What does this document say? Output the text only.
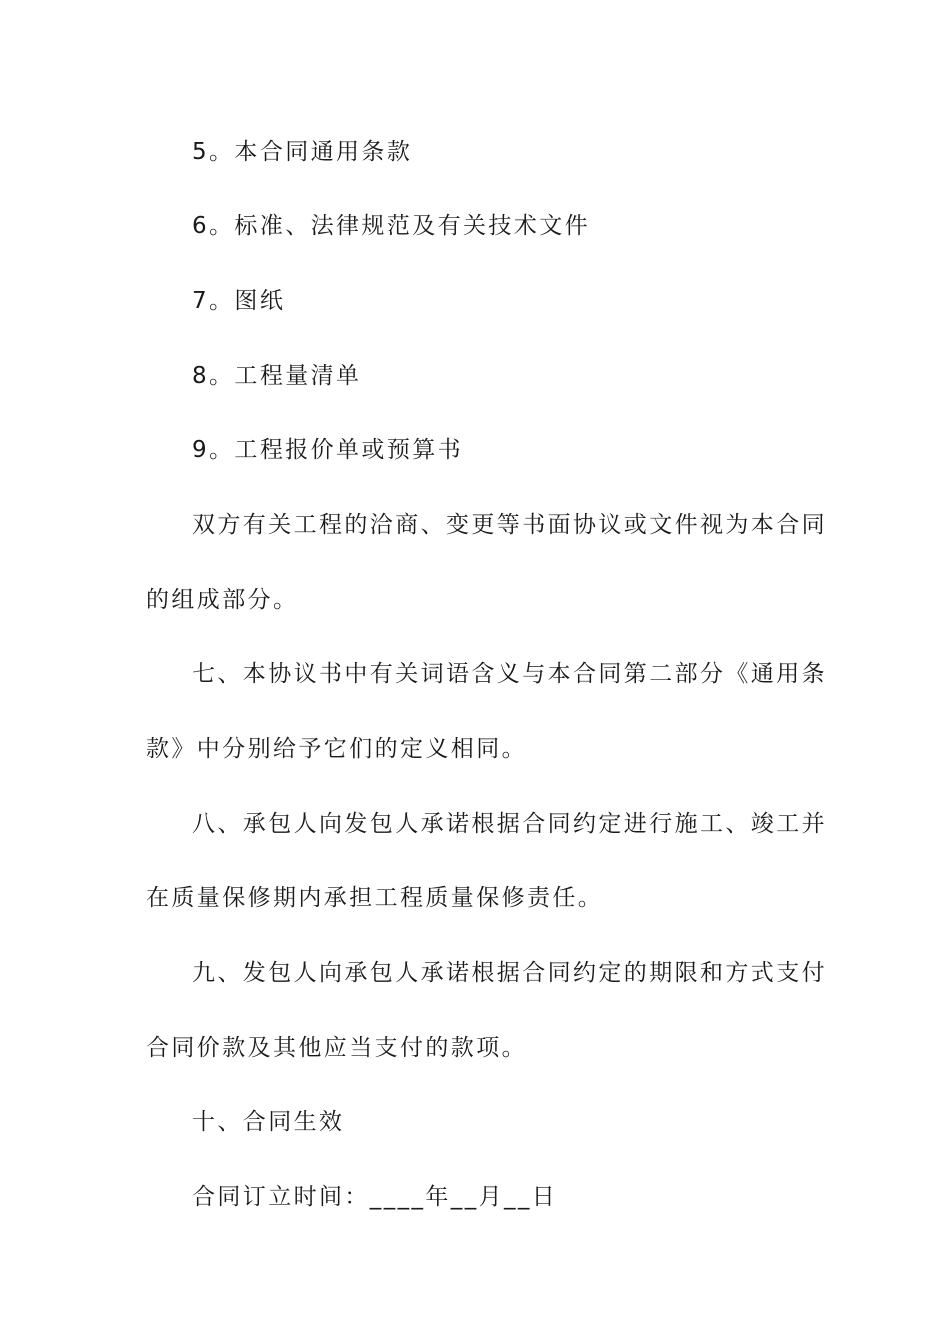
5。本合同通用条款
6。标准、法律规范及有关技术文件
7。图纸
8。工程量清单
9。工程报价单或预算书
双方有关工程的洽商、变更等书面协议或文件视为本合同
的组成部分。
七、本协议书中有关词语含义与本合同第二部分《通用条
款》中分别给予它们的定义相同。
八、承包人向发包人承诺根据合同约定进行施工、竣工并
在质量保修期内承担工程质量保修责任。
九、发包人向承包人承诺根据合同约定的期限和方式支付
合同价款及其他应当支付的款项。
十、合同生效
合同订立时间：____年__月__日
